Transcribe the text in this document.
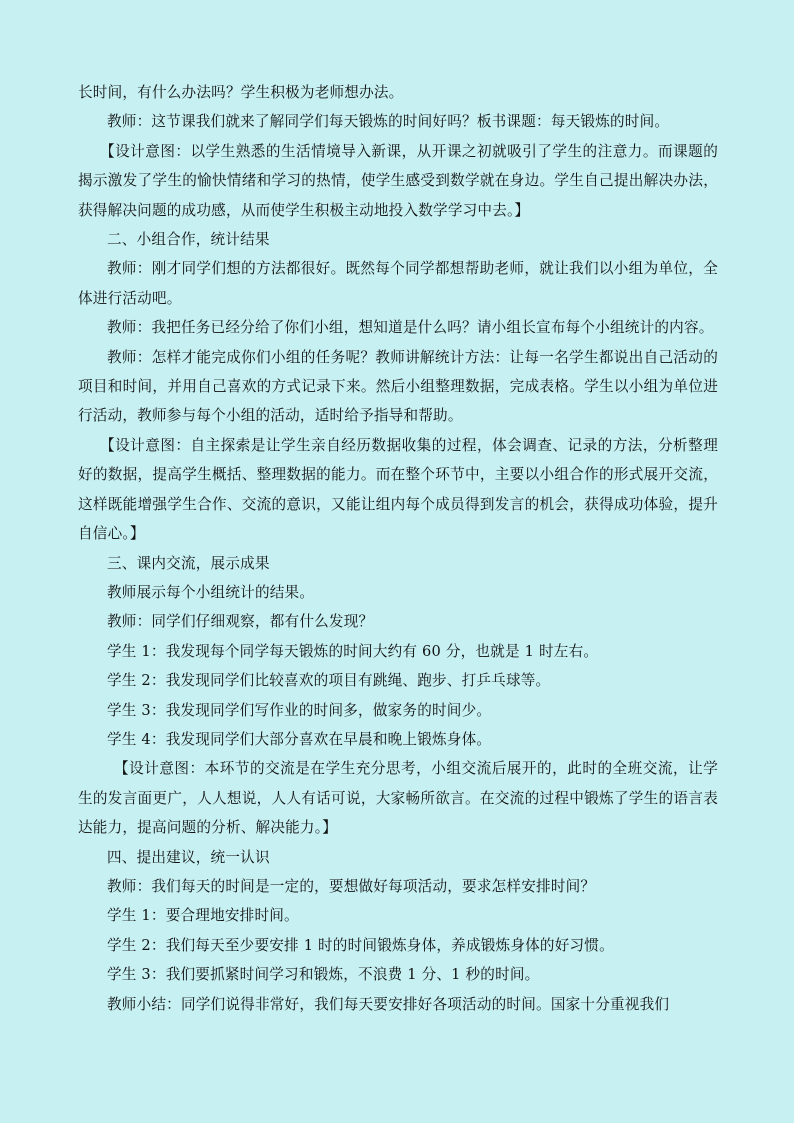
长时间，有什么办法吗？学生积极为老师想办法。

教师：这节课我们就来了解同学们每天锻炼的时间好吗？板书课题：每天锻炼的时间。

【设计意图：以学生熟悉的生活情境导入新课，从开课之初就吸引了学生的注意力。而课题的揭示激发了学生的愉快情绪和学习的热情，使学生感受到数学就在身边。学生自己提出解决办法，获得解决问题的成功感，从而使学生积极主动地投入数学学习中去。】

二、小组合作，统计结果

教师：刚才同学们想的方法都很好。既然每个同学都想帮助老师，就让我们以小组为单位，全体进行活动吧。

教师：我把任务已经分给了你们小组，想知道是什么吗？请小组长宣布每个小组统计的内容。

教师：怎样才能完成你们小组的任务呢？教师讲解统计方法：让每一名学生都说出自己活动的项目和时间，并用自己喜欢的方式记录下来。然后小组整理数据，完成表格。学生以小组为单位进行活动，教师参与每个小组的活动，适时给予指导和帮助。

【设计意图：自主探索是让学生亲自经历数据收集的过程，体会调查、记录的方法，分析整理好的数据，提高学生概括、整理数据的能力。而在整个环节中，主要以小组合作的形式展开交流，这样既能增强学生合作、交流的意识，又能让组内每个成员得到发言的机会，获得成功体验，提升自信心。】

三、课内交流，展示成果

教师展示每个小组统计的结果。

教师：同学们仔细观察，都有什么发现？

学生 1：我发现每个同学每天锻炼的时间大约有 60 分，也就是 1 时左右。

学生 2：我发现同学们比较喜欢的项目有跳绳、跑步、打乒乓球等。

学生 3：我发现同学们写作业的时间多，做家务的时间少。

学生 4：我发现同学们大部分喜欢在早晨和晚上锻炼身体。

【设计意图：本环节的交流是在学生充分思考，小组交流后展开的，此时的全班交流，让学生的发言面更广，人人想说，人人有话可说，大家畅所欲言。在交流的过程中锻炼了学生的语言表达能力，提高问题的分析、解决能力。】

四、提出建议，统一认识

教师：我们每天的时间是一定的，要想做好每项活动，要求怎样安排时间？

学生 1：要合理地安排时间。

学生 2：我们每天至少要安排 1 时的时间锻炼身体，养成锻炼身体的好习惯。

学生 3：我们要抓紧时间学习和锻炼，不浪费 1 分、1 秒的时间。

教师小结：同学们说得非常好，我们每天要安排好各项活动的时间。国家十分重视我们
